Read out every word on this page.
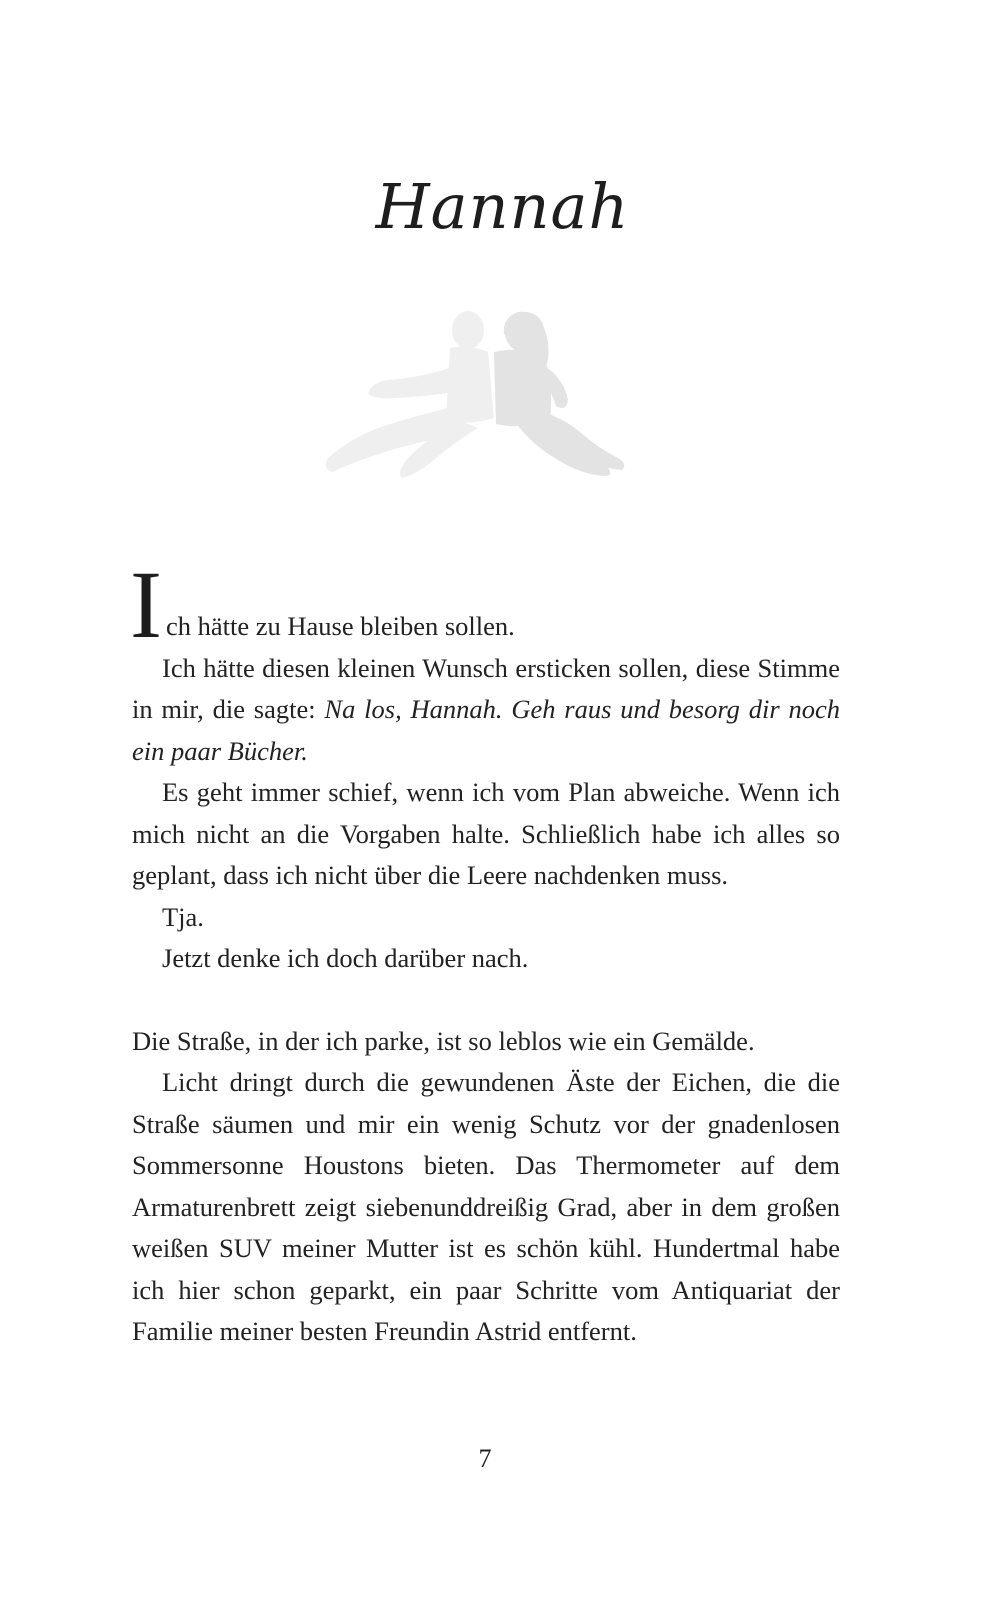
Hannah

I ch hätte zu Hause bleiben sollen.

Ich hätte diesen kleinen Wunsch ersticken sollen, diese Stimme in mir, die sagte: Na los, Hannah. Geh raus und besorg dir noch ein paar Bücher.

Es geht immer schief, wenn ich vom Plan abweiche. Wenn ich mich nicht an die Vorgaben halte. Schließlich habe ich alles so geplant, dass ich nicht über die Leere nachdenken muss.

Tja.

Jetzt denke ich doch darüber nach.

Die Straße, in der ich parke, ist so leblos wie ein Gemälde.

Licht dringt durch die gewundenen Äste der Eichen, die die Straße säumen und mir ein wenig Schutz vor der gnadenlosen Sommersonne Houstons bieten. Das Thermometer auf dem Armaturenbrett zeigt siebenunddreißig Grad, aber in dem großen weißen SUV meiner Mutter ist es schön kühl. Hundertmal habe ich hier schon geparkt, ein paar Schritte vom Antiquariat der Familie meiner besten Freundin Astrid entfernt.

7
